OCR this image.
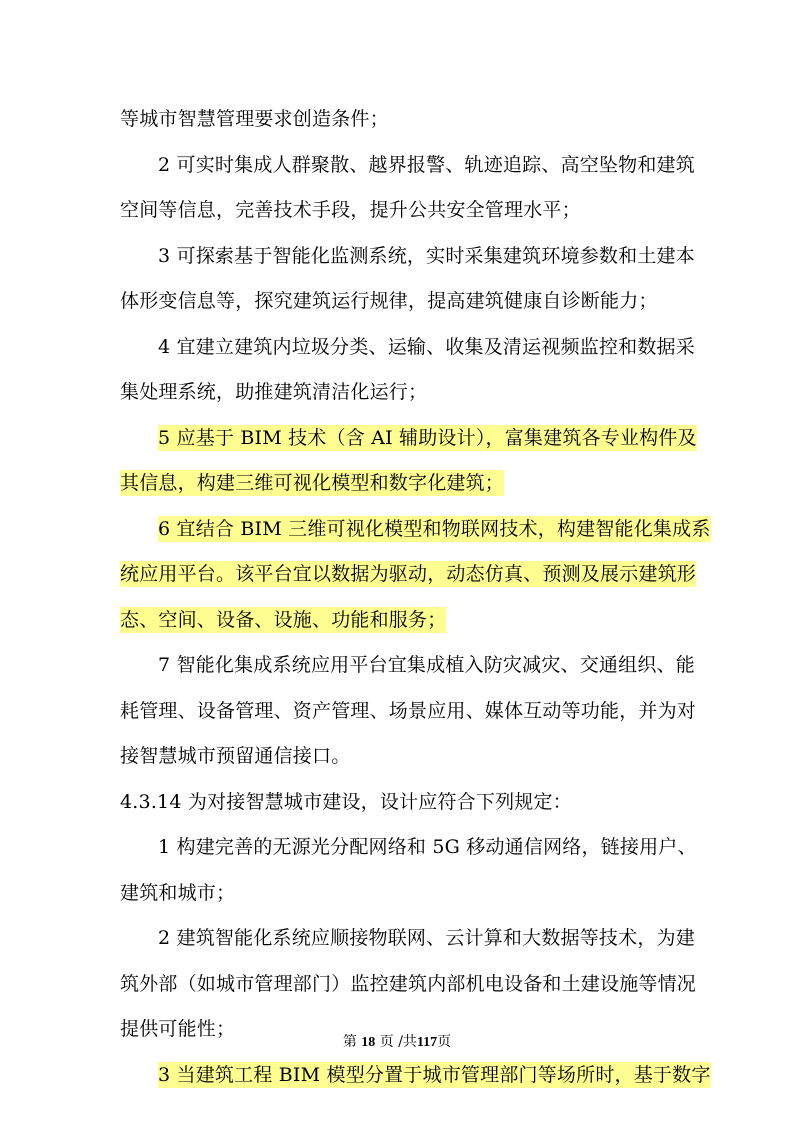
等城市智慧管理要求创造条件；
2 可实时集成人群聚散、越界报警、轨迹追踪、高空坠物和建筑
空间等信息，完善技术手段，提升公共安全管理水平；
3 可探索基于智能化监测系统，实时采集建筑环境参数和土建本
体形变信息等，探究建筑运行规律，提高建筑健康自诊断能力；
4 宜建立建筑内垃圾分类、运输、收集及清运视频监控和数据采
集处理系统，助推建筑清洁化运行；
5 应基于 BIM 技术（含 AI 辅助设计），富集建筑各专业构件及
其信息，构建三维可视化模型和数字化建筑；
6 宜结合 BIM 三维可视化模型和物联网技术，构建智能化集成系
统应用平台。该平台宜以数据为驱动，动态仿真、预测及展示建筑形
态、空间、设备、设施、功能和服务；
7 智能化集成系统应用平台宜集成植入防灾减灾、交通组织、能
耗管理、设备管理、资产管理、场景应用、媒体互动等功能，并为对
接智慧城市预留通信接口。
4.3.14 为对接智慧城市建设，设计应符合下列规定：
1 构建完善的无源光分配网络和 5G 移动通信网络，链接用户、
建筑和城市；
2 建筑智能化系统应顺接物联网、云计算和大数据等技术，为建
筑外部（如城市管理部门）监控建筑内部机电设备和土建设施等情况
提供可能性；
3 当建筑工程 BIM 模型分置于城市管理部门等场所时，基于数字
第 18 页 /共117页
